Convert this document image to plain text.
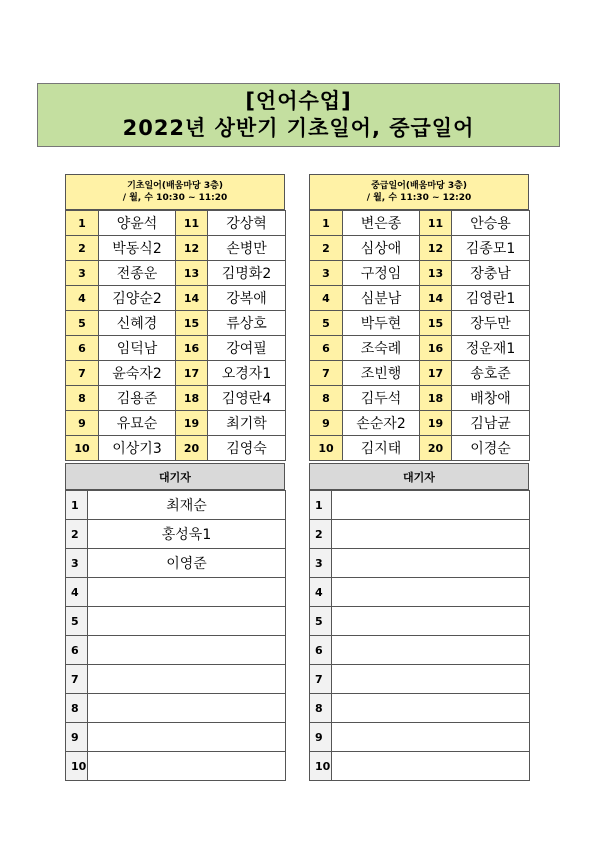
[언어수업]
2022년 상반기 기초일어, 중급일어
기초일어(배움마당 3층)
/ 월, 수 10:30 ~ 11:20
1	양윤석	11	강상혁
2	박동식2	12	손병만
3	전종운	13	김명화2
4	김양순2	14	강복애
5	신혜경	15	류상호
6	임덕남	16	강여필
7	윤숙자2	17	오경자1
8	김용준	18	김영란4
9	유묘순	19	최기학
10	이상기3	20	김영숙
대기자
1	최재순
2	홍성욱1
3	이영준
4	
5	
6	
7	
8	
9	
10	
중급일어(배움마당 3층)
/ 월, 수 11:30 ~ 12:20
1	변은종	11	안승용
2	심상애	12	김종모1
3	구정임	13	장충남
4	심분남	14	김영란1
5	박두현	15	장두만
6	조숙례	16	정운재1
7	조빈행	17	송호준
8	김두석	18	배창애
9	손순자2	19	김남균
10	김지태	20	이경순
대기자
1	
2	
3	
4	
5	
6	
7	
8	
9	
10	
